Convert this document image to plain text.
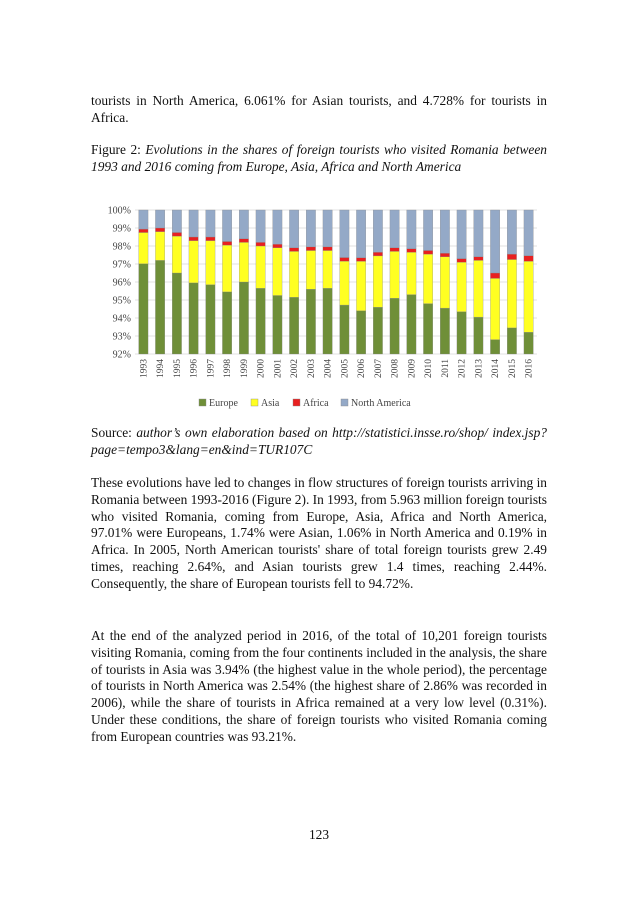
tourists in North America, 6.061% for Asian tourists, and 4.728% for tourists in Africa.

Figure 2: Evolutions in the shares of foreign tourists who visited Romania between 1993 and 2016 coming from Europe, Asia, Africa and North America

92%
93%
94%
95%
96%
97%
98%
99%
100%
1993 1994 1995 1996 1997 1998 1999 2000 2001 2002 2003 2004 2005 2006 2007 2008 2009 2010 2011 2012 2013 2014 2015 2016
Europe Asia Africa North America

Source: author’s own elaboration based on http://statistici.insse.ro/shop/ index.jsp?page=tempo3&lang=en&ind=TUR107C

These evolutions have led to changes in flow structures of foreign tourists arriving in Romania between 1993-2016 (Figure 2). In 1993, from 5.963 million foreign tourists who visited Romania, coming from Europe, Asia, Africa and North America, 97.01% were Europeans, 1.74% were Asian, 1.06% in North America and 0.19% in Africa. In 2005, North American tourists' share of total foreign tourists grew 2.49 times, reaching 2.64%, and Asian tourists grew 1.4 times, reaching 2.44%. Consequently, the share of European tourists fell to 94.72%.

At the end of the analyzed period in 2016, of the total of 10,201 foreign tourists visiting Romania, coming from the four continents included in the analysis, the share of tourists in Asia was 3.94% (the highest value in the whole period), the percentage of tourists in North America was 2.54% (the highest share of 2.86% was recorded in 2006), while the share of tourists in Africa remained at a very low level (0.31%). Under these conditions, the share of foreign tourists who visited Romania coming from European countries was 93.21%.

123
